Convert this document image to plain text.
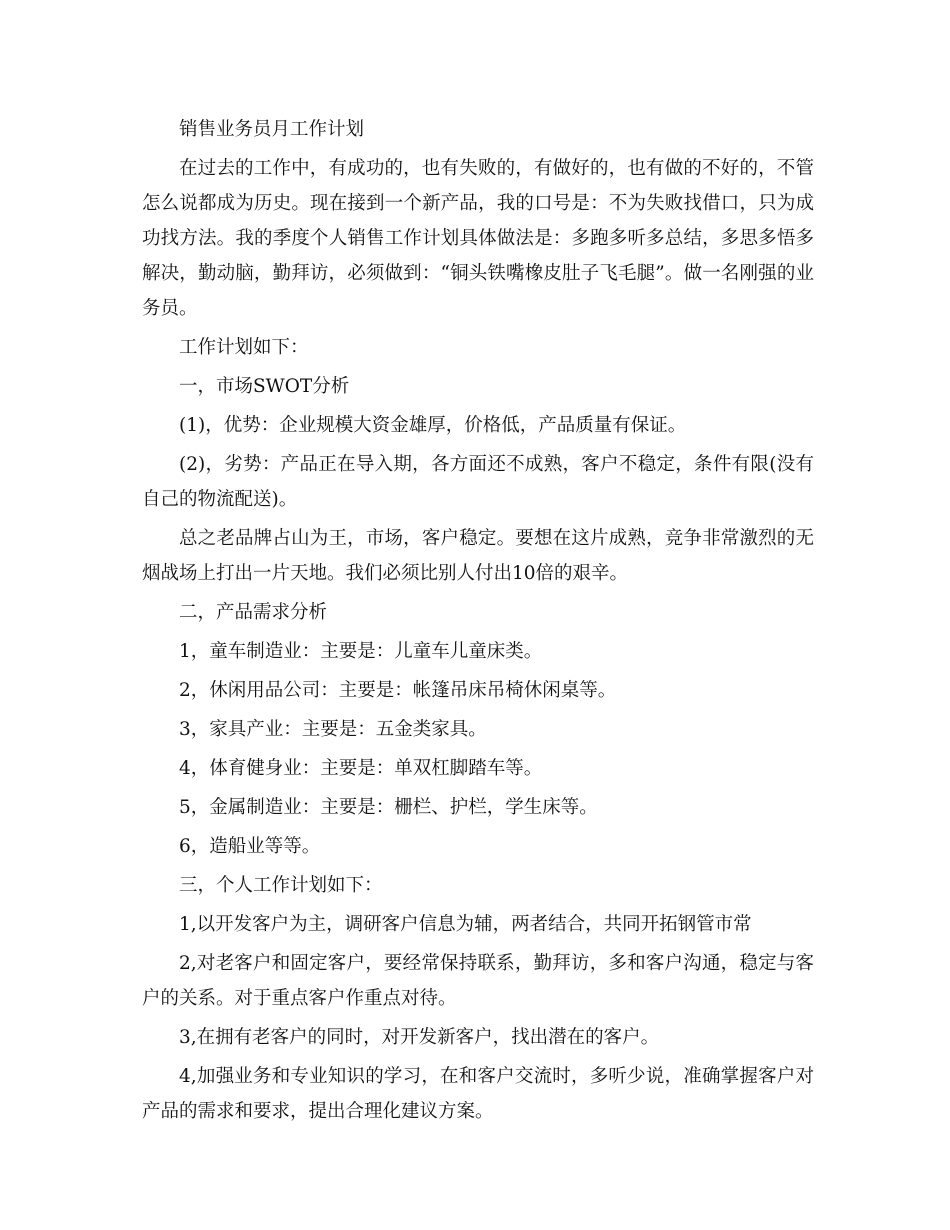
销售业务员月工作计划

在过去的工作中，有成功的，也有失败的，有做好的，也有做的不好的，不管怎么说都成为历史。现在接到一个新产品，我的口号是：不为失败找借口，只为成功找方法。我的季度个人销售工作计划具体做法是：多跑多听多总结，多思多悟多解决，勤动脑，勤拜访，必须做到：“铜头铁嘴橡皮肚子飞毛腿”。做一名刚强的业务员。

工作计划如下：

一，市场SWOT分析

(1)，优势：企业规模大资金雄厚，价格低，产品质量有保证。

(2)，劣势：产品正在导入期，各方面还不成熟，客户不稳定，条件有限(没有自己的物流配送)。

总之老品牌占山为王，市场，客户稳定。要想在这片成熟，竞争非常激烈的无烟战场上打出一片天地。我们必须比别人付出10倍的艰辛。

二，产品需求分析

1，童车制造业：主要是：儿童车儿童床类。

2，休闲用品公司：主要是：帐篷吊床吊椅休闲桌等。

3，家具产业：主要是：五金类家具。

4，体育健身业：主要是：单双杠脚踏车等。

5，金属制造业：主要是：栅栏、护栏，学生床等。

6，造船业等等。

三，个人工作计划如下：

1,以开发客户为主，调研客户信息为辅，两者结合，共同开拓钢管市常

2,对老客户和固定客户，要经常保持联系，勤拜访，多和客户沟通，稳定与客户的关系。对于重点客户作重点对待。

3,在拥有老客户的同时，对开发新客户，找出潜在的客户。

4,加强业务和专业知识的学习，在和客户交流时，多听少说，准确掌握客户对产品的需求和要求，提出合理化建议方案。
